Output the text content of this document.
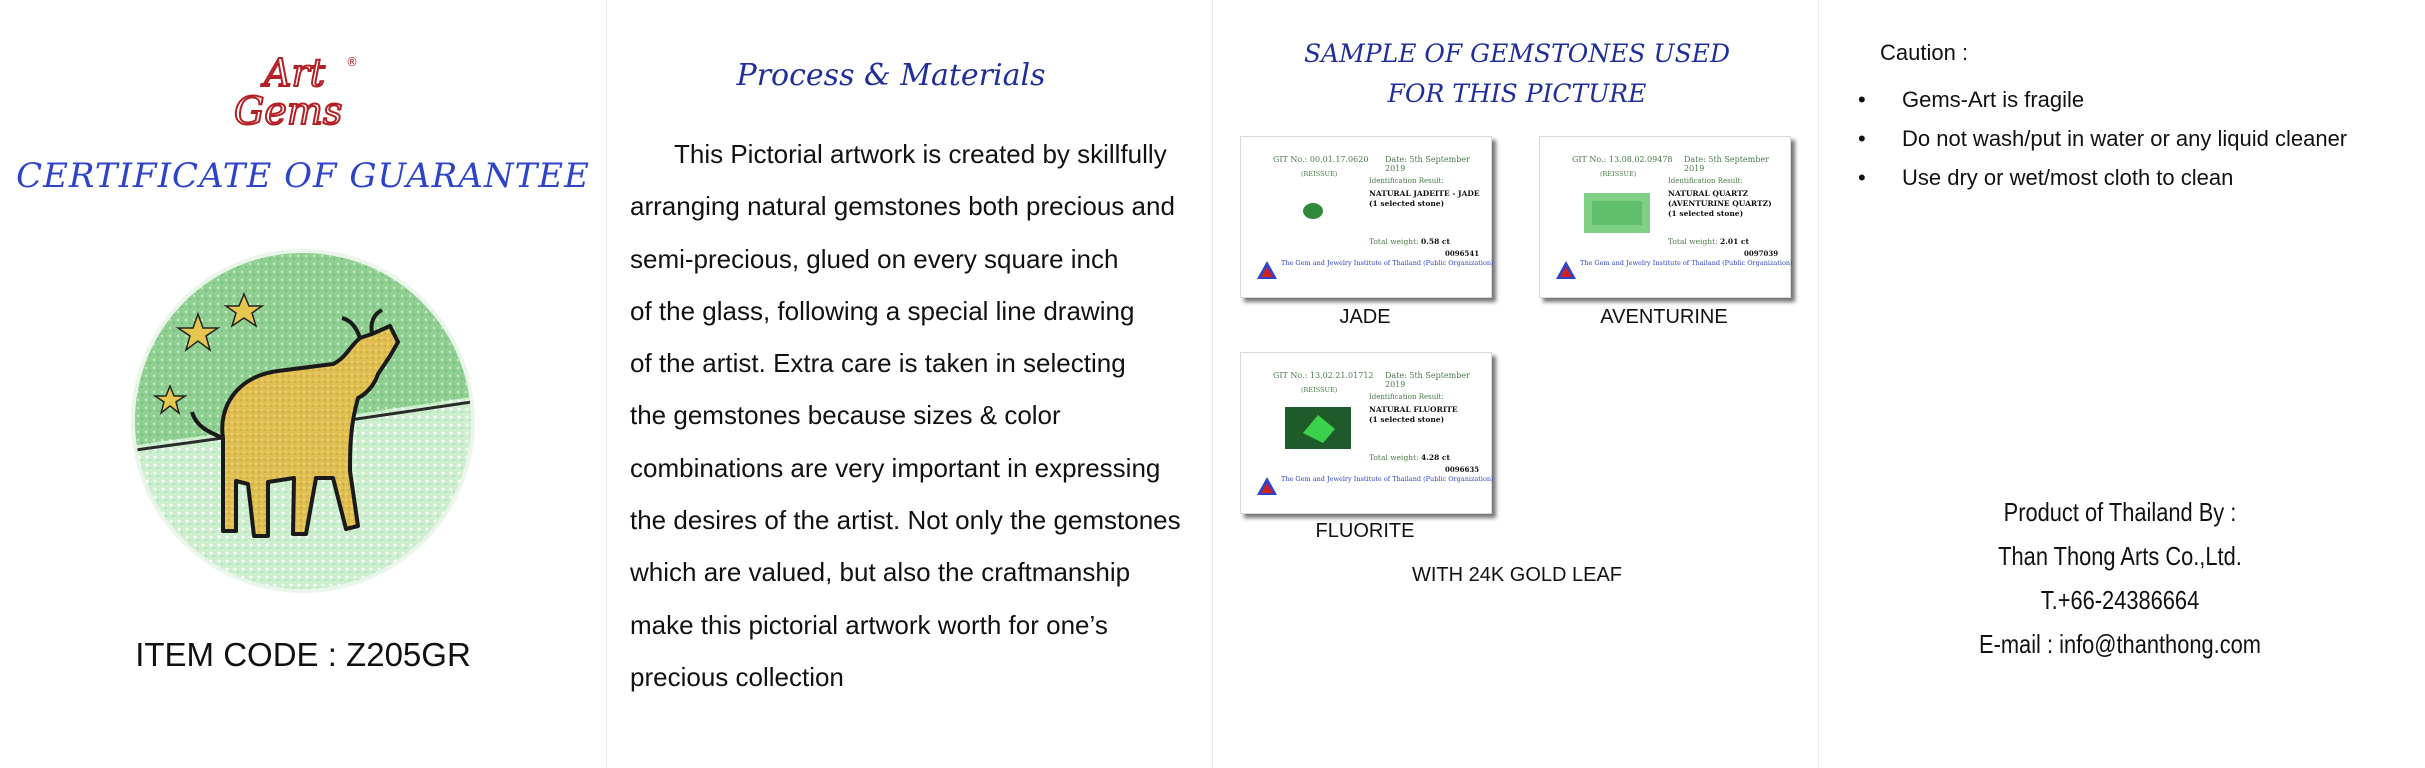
Art
Gems
®
CERTIFICATE OF GUARANTEE
ITEM CODE : Z205GR
Process & Materials
This Pictorial artwork is created by skillfully
arranging natural gemstones both precious and
semi-precious, glued on every square inch
of the glass, following a special line drawing
of the artist. Extra care is taken in selecting
the gemstones because sizes & color
combinations are very important in expressing
the desires of the artist. Not only the gemstones
which are valued, but also the craftmanship
make this pictorial artwork worth for one’s
precious collection
SAMPLE OF GEMSTONES USED
FOR THIS PICTURE
GIT No.: 00.01.17.0620 Date: 5th September 2019
(REISSUE)
Identification Result:
NATURAL JADEITE - JADE
(1 selected stone)
Total weight: 0.58 ct
0096541
The Gem and Jewelry Institute of Thailand (Public Organization)
GIT No.: 13.08.02.09478 Date: 5th September 2019
(REISSUE)
Identification Result:
NATURAL QUARTZ (AVENTURINE QUARTZ)
(1 selected stone)
Total weight: 2.01 ct
0097039
The Gem and Jewelry Institute of Thailand (Public Organization)
GIT No.: 13.02.21.01712 Date: 5th September 2019
(REISSUE)
Identification Result:
NATURAL FLUORITE
(1 selected stone)
Total weight: 4.28 ct
0096635
The Gem and Jewelry Institute of Thailand (Public Organization)
JADE	AVENTURINE
FLUORITE
WITH 24K GOLD LEAF
Caution :
• Gems-Art is fragile
• Do not wash/put in water or any liquid cleaner
• Use dry or wet/most cloth to clean
Product of Thailand By :
Than Thong Arts Co.,Ltd.
T.+66-24386664
E-mail : info@thanthong.com
